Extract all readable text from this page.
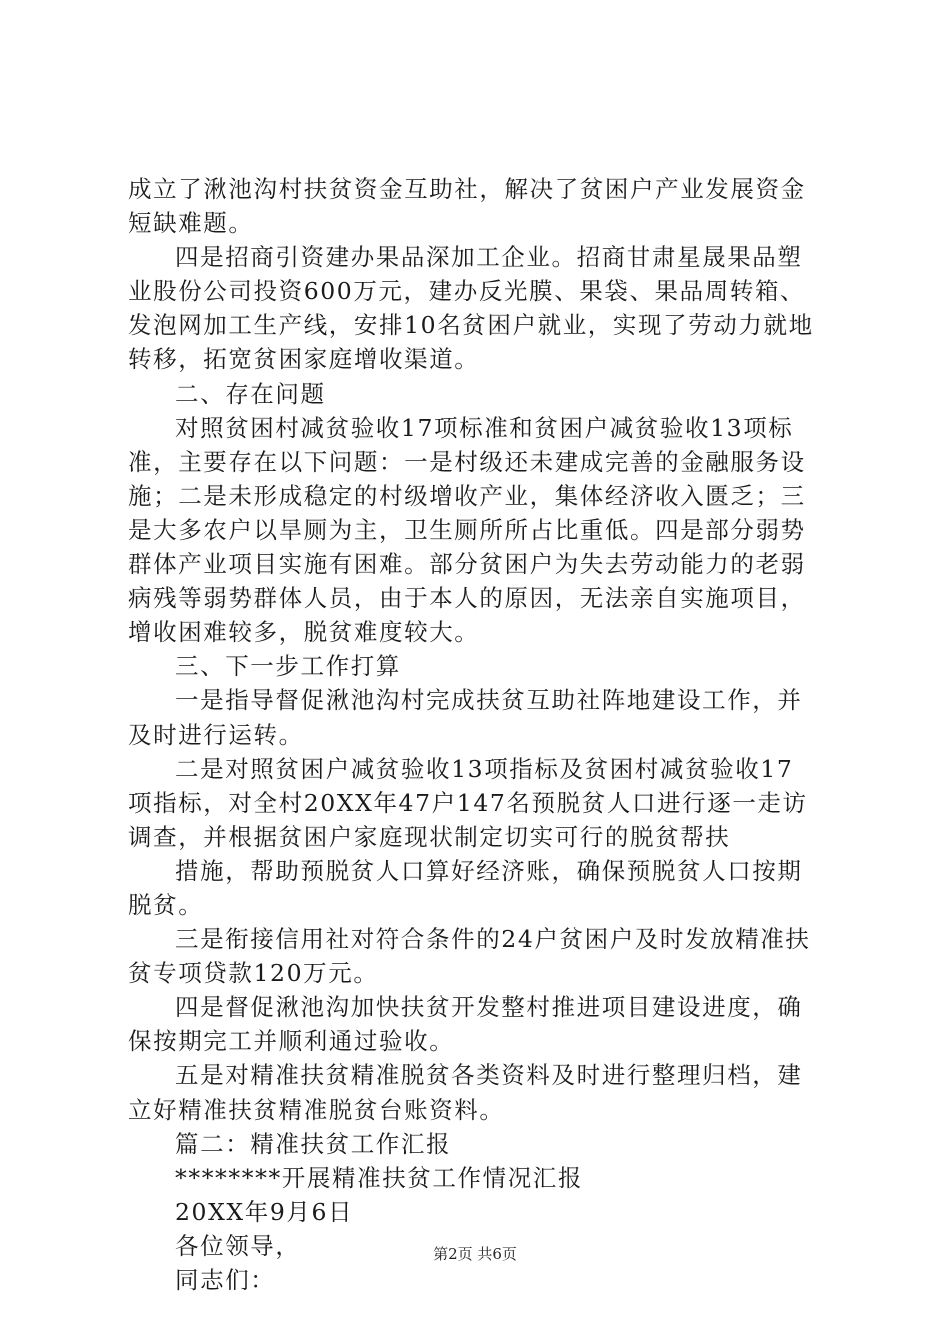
成立了湫池沟村扶贫资金互助社，解决了贫困户产业发展资金
短缺难题。
四是招商引资建办果品深加工企业。招商甘肃星晟果品塑
业股份公司投资600万元，建办反光膜、果袋、果品周转箱、
发泡网加工生产线，安排10名贫困户就业，实现了劳动力就地
转移，拓宽贫困家庭增收渠道。
二、存在问题
对照贫困村减贫验收17项标准和贫困户减贫验收13项标
准，主要存在以下问题：一是村级还未建成完善的金融服务设
施；二是未形成稳定的村级增收产业，集体经济收入匮乏；三
是大多农户以旱厕为主，卫生厕所所占比重低。四是部分弱势
群体产业项目实施有困难。部分贫困户为失去劳动能力的老弱
病残等弱势群体人员，由于本人的原因，无法亲自实施项目，
增收困难较多，脱贫难度较大。
三、下一步工作打算
一是指导督促湫池沟村完成扶贫互助社阵地建设工作，并
及时进行运转。
二是对照贫困户减贫验收13项指标及贫困村减贫验收17
项指标，对全村20XX年47户147名预脱贫人口进行逐一走访
调查，并根据贫困户家庭现状制定切实可行的脱贫帮扶
措施，帮助预脱贫人口算好经济账，确保预脱贫人口按期
脱贫。
三是衔接信用社对符合条件的24户贫困户及时发放精准扶
贫专项贷款120万元。
四是督促湫池沟加快扶贫开发整村推进项目建设进度，确
保按期完工并顺利通过验收。
五是对精准扶贫精准脱贫各类资料及时进行整理归档，建
立好精准扶贫精准脱贫台账资料。
篇二：精准扶贫工作汇报
********开展精准扶贫工作情况汇报
20XX年9月6日
各位领导，
同志们：
第2页 共6页
